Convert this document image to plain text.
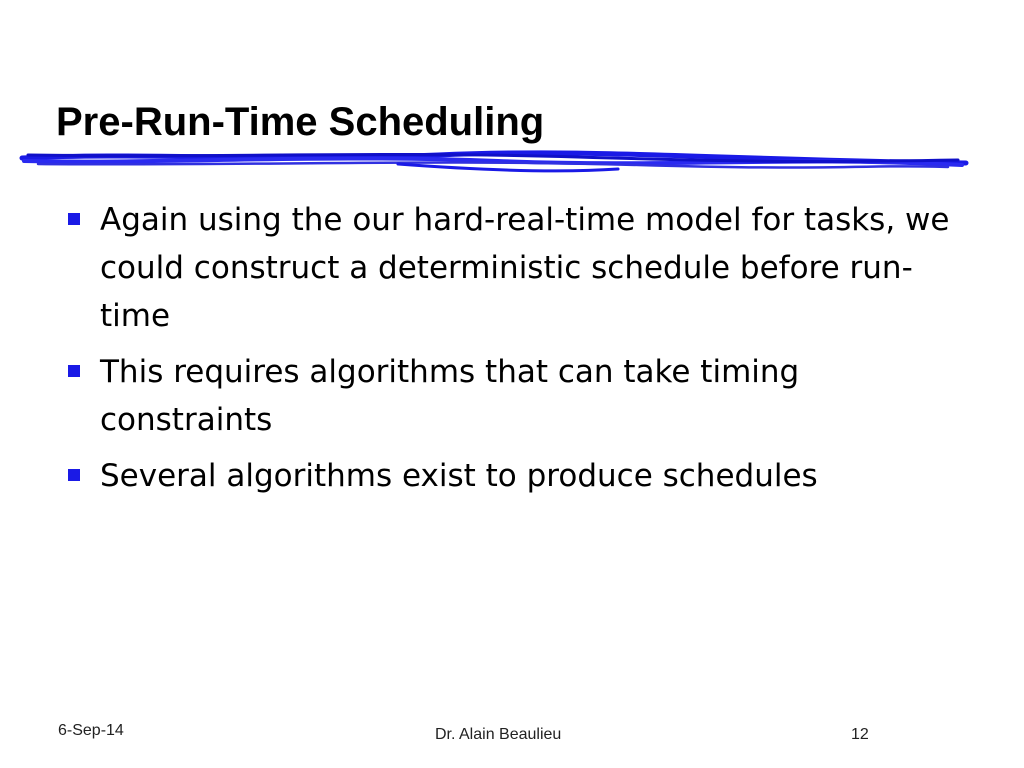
Pre-Run-Time Scheduling
Again using the our hard-real-time model for tasks, we could construct a deterministic schedule before run-time
This requires algorithms that can take timing constraints
Several algorithms exist to produce schedules
6-Sep-14	Dr. Alain Beaulieu	12
